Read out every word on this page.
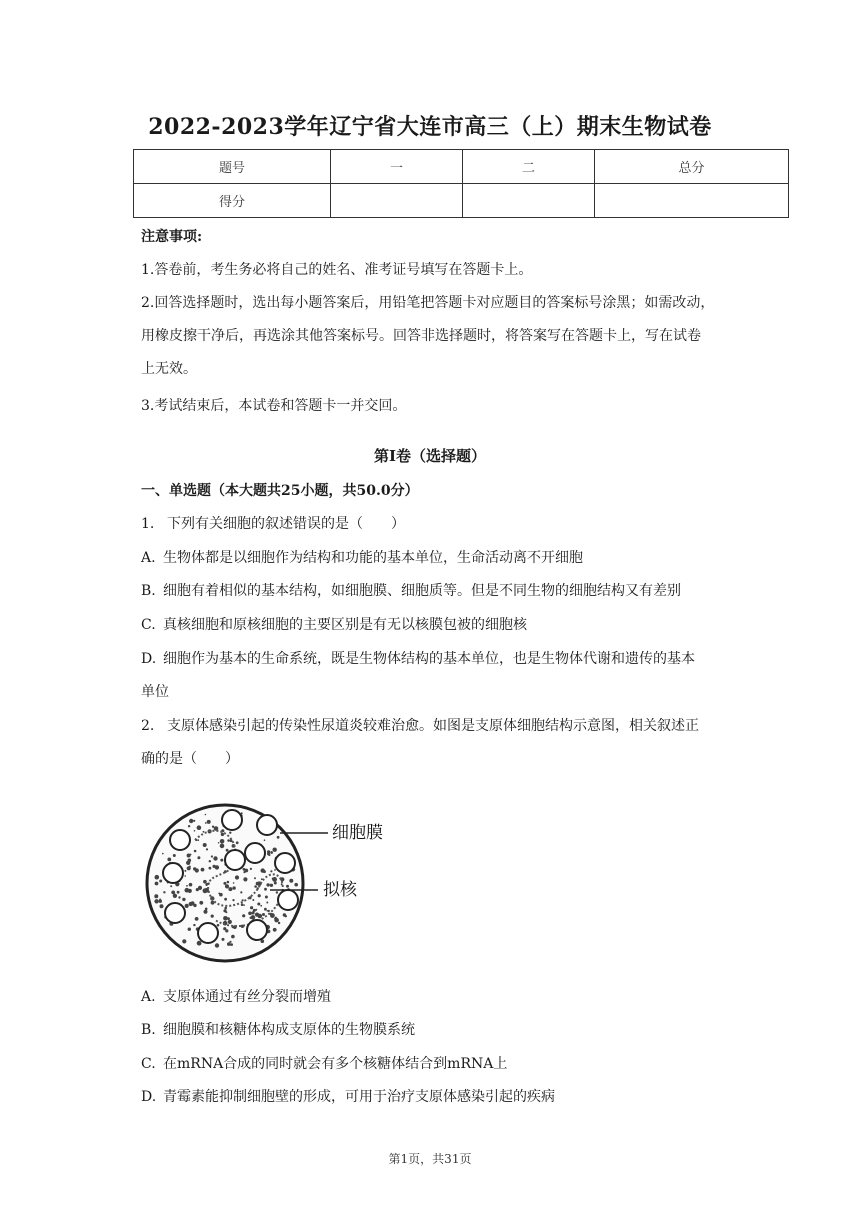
2022-2023学年辽宁省大连市高三（上）期末生物试卷
题号	一	二	总分
得分			
注意事项:
1.答卷前，考生务必将自己的姓名、准考证号填写在答题卡上。
2.回答选择题时，选出每小题答案后，用铅笔把答题卡对应题目的答案标号涂黑；如需改动，
用橡皮擦干净后，再选涂其他答案标号。回答非选择题时，将答案写在答题卡上，写在试卷
上无效。
3.考试结束后，本试卷和答题卡一并交回。
第I卷（选择题）
一、单选题（本大题共25小题，共50.0分）
1. 下列有关细胞的叙述错误的是（　　）
A. 生物体都是以细胞作为结构和功能的基本单位，生命活动离不开细胞
B. 细胞有着相似的基本结构，如细胞膜、细胞质等。但是不同生物的细胞结构又有差别
C. 真核细胞和原核细胞的主要区别是有无以核膜包被的细胞核
D. 细胞作为基本的生命系统，既是生物体结构的基本单位，也是生物体代谢和遗传的基本
单位
2. 支原体感染引起的传染性尿道炎较难治愈。如图是支原体细胞结构示意图，相关叙述正
确的是（　　）
细胞膜
拟核
A. 支原体通过有丝分裂而增殖
B. 细胞膜和核糖体构成支原体的生物膜系统
C. 在mRNA合成的同时就会有多个核糖体结合到mRNA上
D. 青霉素能抑制细胞壁的形成，可用于治疗支原体感染引起的疾病
第1页，共31页
